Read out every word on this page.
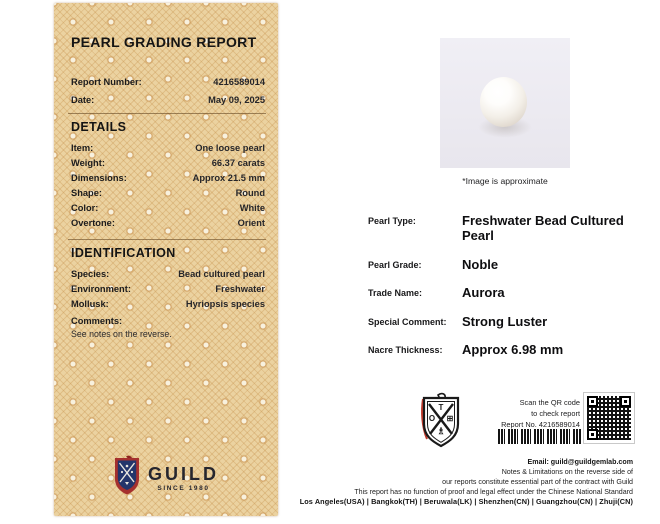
PEARL GRADING REPORT
Report Number:	4216589014
Date:	May 09, 2025
DETAILS
Item:	One loose pearl
Weight:	66.37 carats
Dimensions:	Approx 21.5 mm
Shape:	Round
Color:	White
Overtone:	Orient
IDENTIFICATION
Species:	Bead cultured pearl
Environment:	Freshwater
Mollusk:	Hyriopsis species
Comments:
See notes on the reverse.
GUILD
SINCE 1980
*Image is approximate
Pearl Type:	Freshwater Bead Cultured Pearl
Pearl Grade:	Noble
Trade Name:	Aurora
Special Comment:	Strong Luster
Nacre Thickness:	Approx 6.98 mm
T
O ⊞
♗
Scan the QR code
to check report
Report No. 4216589014
Email: guild@guildgemlab.com
Notes & Limitations on the reverse side of
our reports constitute essential part of the contract with Guild
This report has no function of proof and legal effect under the Chinese National Standard
Los Angeles(USA) | Bangkok(TH) | Beruwala(LK) | Shenzhen(CN) | Guangzhou(CN) | Zhuji(CN)
